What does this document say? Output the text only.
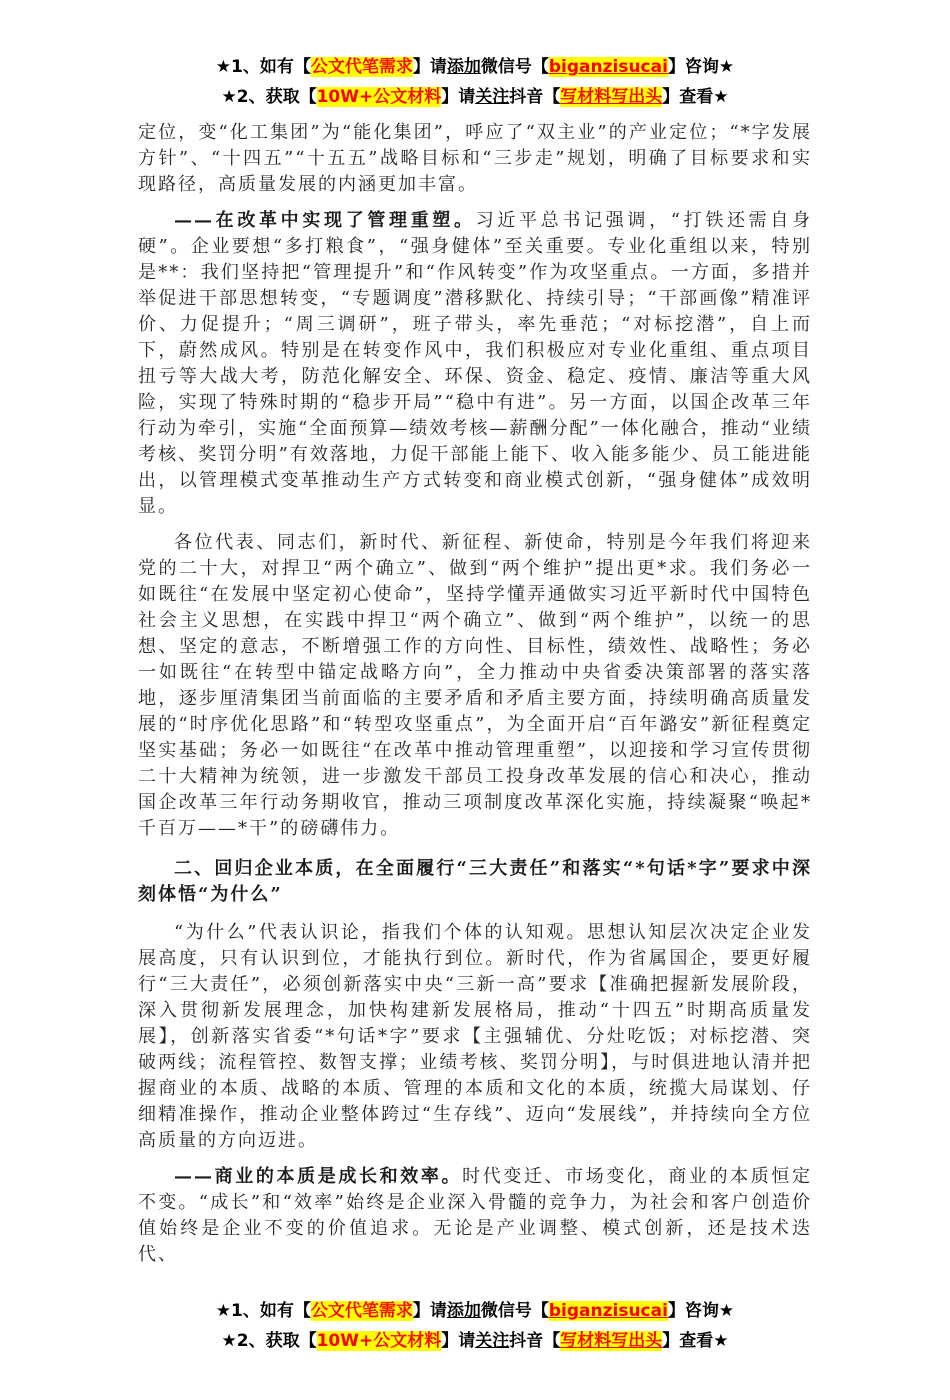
★1、如有【公文代笔需求】请添加微信号【biganzisucai】咨询★
★2、获取【10W+公文材料】请关注抖音【写材料写出头】查看★

定位，变“化工集团”为“能化集团”，呼应了“双主业”的产业定位；“*字发展方针”、“十四五”“十五五”战略目标和“三步走”规划，明确了目标要求和实现路径，高质量发展的内涵更加丰富。

——在改革中实现了管理重塑。习近平总书记强调，“打铁还需自身硬”。企业要想“多打粮食”，“强身健体”至关重要。专业化重组以来，特别是**：我们坚持把“管理提升”和“作风转变”作为攻坚重点。一方面，多措并举促进干部思想转变，“专题调度”潜移默化、持续引导；“干部画像”精准评价、力促提升；“周三调研”，班子带头，率先垂范；“对标挖潜”，自上而下，蔚然成风。特别是在转变作风中，我们积极应对专业化重组、重点项目扭亏等大战大考，防范化解安全、环保、资金、稳定、疫情、廉洁等重大风险，实现了特殊时期的“稳步开局”“稳中有进”。另一方面，以国企改革三年行动为牵引，实施“全面预算—绩效考核—薪酬分配”一体化融合，推动“业绩考核、奖罚分明”有效落地，力促干部能上能下、收入能多能少、员工能进能出，以管理模式变革推动生产方式转变和商业模式创新，“强身健体”成效明显。

各位代表、同志们，新时代、新征程、新使命，特别是今年我们将迎来党的二十大，对捍卫“两个确立”、做到“两个维护”提出更*求。我们务必一如既往“在发展中坚定初心使命”，坚持学懂弄通做实习近平新时代中国特色社会主义思想，在实践中捍卫“两个确立”、做到“两个维护”，以统一的思想、坚定的意志，不断增强工作的方向性、目标性，绩效性、战略性；务必一如既往“在转型中锚定战略方向”，全力推动中央省委决策部署的落实落地，逐步厘清集团当前面临的主要矛盾和矛盾主要方面，持续明确高质量发展的“时序优化思路”和“转型攻坚重点”，为全面开启“百年潞安”新征程奠定坚实基础；务必一如既往“在改革中推动管理重塑”，以迎接和学习宣传贯彻二十大精神为统领，进一步激发干部员工投身改革发展的信心和决心，推动国企改革三年行动务期收官，推动三项制度改革深化实施，持续凝聚“唤起*千百万——*干”的磅礴伟力。

二、回归企业本质，在全面履行“三大责任”和落实“*句话*字”要求中深刻体悟“为什么”

“为什么”代表认识论，指我们个体的认知观。思想认知层次决定企业发展高度，只有认识到位，才能执行到位。新时代，作为省属国企，要更好履行“三大责任”，必须创新落实中央“三新一高”要求【准确把握新发展阶段，深入贯彻新发展理念，加快构建新发展格局，推动“十四五”时期高质量发展】，创新落实省委“*句话*字”要求【主强辅优、分灶吃饭；对标挖潜、突破两线；流程管控、数智支撑；业绩考核、奖罚分明】，与时俱进地认清并把握商业的本质、战略的本质、管理的本质和文化的本质，统揽大局谋划、仔细精准操作，推动企业整体跨过“生存线”、迈向“发展线”，并持续向全方位高质量的方向迈进。

——商业的本质是成长和效率。时代变迁、市场变化，商业的本质恒定不变。“成长”和“效率”始终是企业深入骨髓的竞争力，为社会和客户创造价值始终是企业不变的价值追求。无论是产业调整、模式创新，还是技术迭代、

★1、如有【公文代笔需求】请添加微信号【biganzisucai】咨询★
★2、获取【10W+公文材料】请关注抖音【写材料写出头】查看★
